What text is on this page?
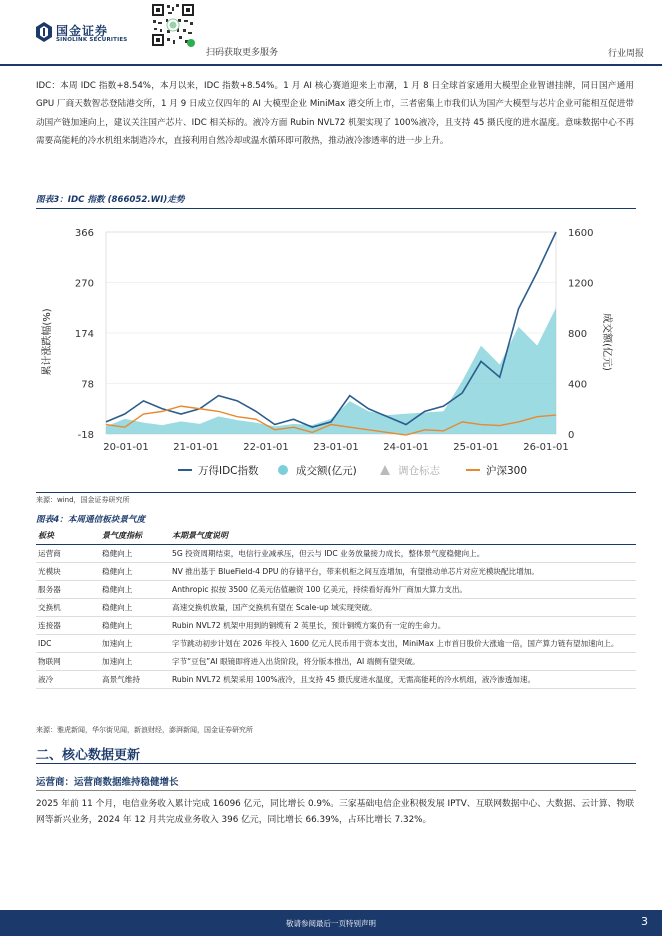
国金证券
SINOLINK SECURITIES
扫码获取更多服务	行业周报
IDC：本周 IDC 指数+8.54%，本月以来，IDC 指数+8.54%。1 月 AI 核心赛道迎来上市潮，1 月 8 日全球首家通用大模型企业智谱挂牌，同日国产通用 GPU 厂商天数智芯登陆港交所，1 月 9 日成立仅四年的 AI 大模型企业 MiniMax 港交所上市，三者密集上市我们认为国产大模型与芯片企业可能相互促进带动国产链加速向上，建议关注国产芯片、IDC 相关标的。液冷方面 Rubin NVL72 机架实现了 100%液冷，且支持 45 摄氏度的进水温度。意味数据中心不再需要高能耗的冷水机组来制造冷水，直接利用自然冷却或温水循环即可散热，推动液冷渗透率的进一步上升。
图表3：IDC 指数 (866052.WI)走势
-18
78
174
270
366
0
400
800
1200
1600
20-01-01 21-01-01 22-01-01 23-01-01 24-01-01 25-01-01 26-01-01
累计涨跌幅(%)	成交额(亿元)
万得IDC指数	成交额(亿元)	调仓标志	沪深300
来源：wind，国金证券研究所
图表4：本周通信板块景气度
板块	景气度指标	本期景气度说明
运营商	稳健向上	5G 投资周期结束，电信行业减承压，但云与 IDC 业务放量接力成长，整体景气度稳健向上。
光模块	稳健向上	NV 推出基于 BlueField-4 DPU 的存储平台，带来机柜之间互连增加，有望推动单芯片对应光模块配比增加。
服务器	稳健向上	Anthropic 拟按 3500 亿美元估值融资 100 亿美元，持续看好海外厂商加大算力支出。
交换机	稳健向上	高速交换机放量，国产交换机有望在 Scale-up 域实现突破。
连接器	稳健向上	Rubin NVL72 机架中用到的铜缆有 2 英里长，预计铜缆方案仍有一定的生命力。
IDC	加速向上	字节跳动初步计划在 2026 年投入 1600 亿元人民币用于资本支出，MiniMax 上市首日股价大涨逾一倍，国产算力链有望加速向上。
物联网	加速向上	字节“豆包”AI 眼镜即将进入出货阶段，将分版本推出，AI 端侧有望突破。
液冷	高景气维持	Rubin NVL72 机架采用 100%液冷，且支持 45 摄氏度进水温度，无需高能耗的冷水机组，液冷渗透加速。
来源：雅虎新闻，华尔街见闻，新浪财经，澎湃新闻，国金证券研究所
二、核心数据更新
运营商：运营商数据维持稳健增长
2025 年前 11 个月，电信业务收入累计完成 16096 亿元，同比增长 0.9%。三家基础电信企业积极发展 IPTV、互联网数据中心、大数据、云计算、物联网等新兴业务，2024 年 12 月共完成业务收入 396 亿元，同比增长 66.39%，占环比增长 7.32%。
敬请参阅最后一页特别声明	3
